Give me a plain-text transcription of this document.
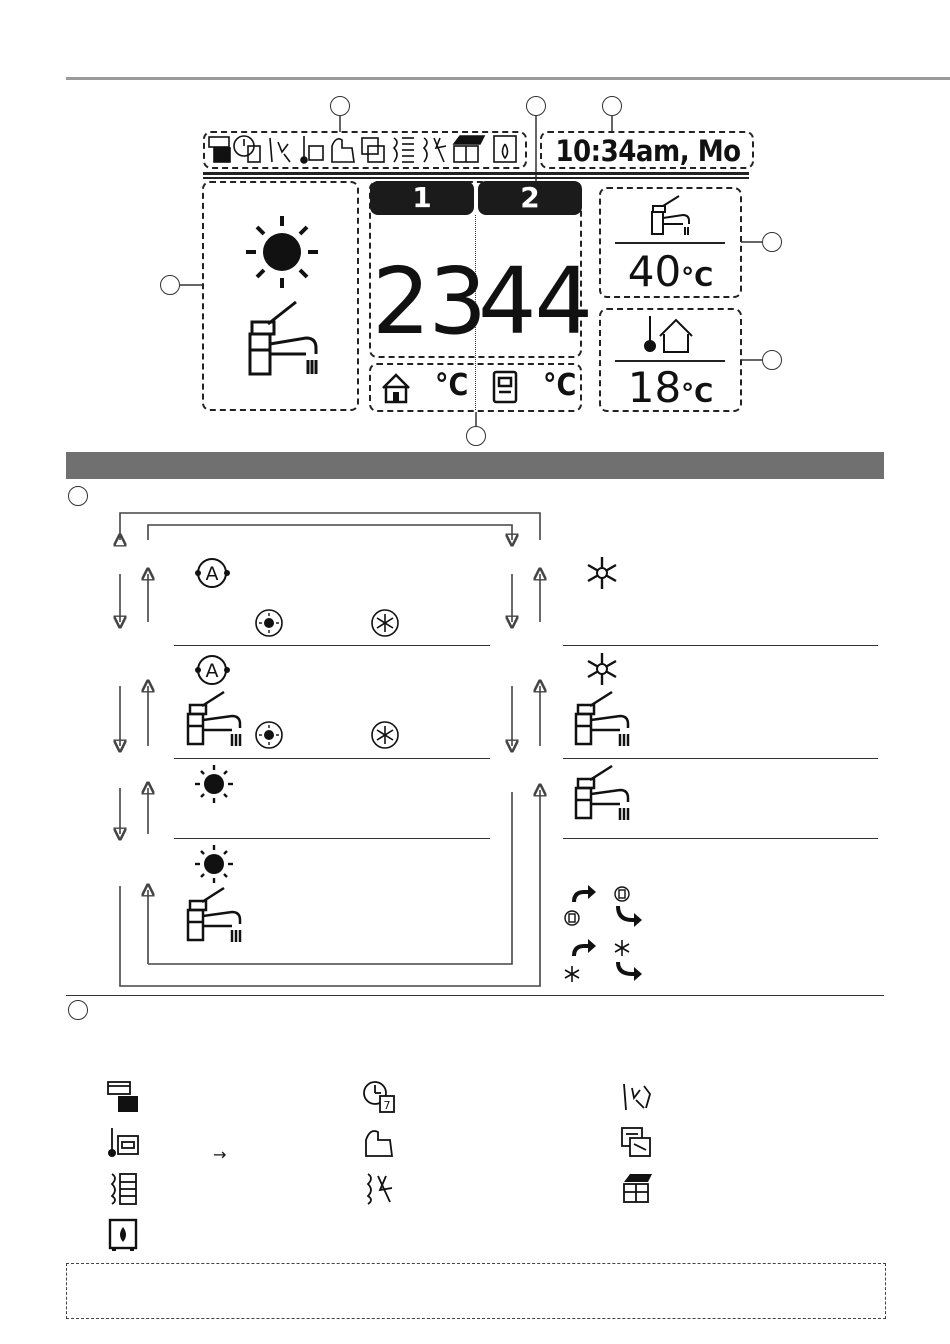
10:34am, Mo
1	2
23
44
°C °C
40°C
18°C
A
A
7
→
